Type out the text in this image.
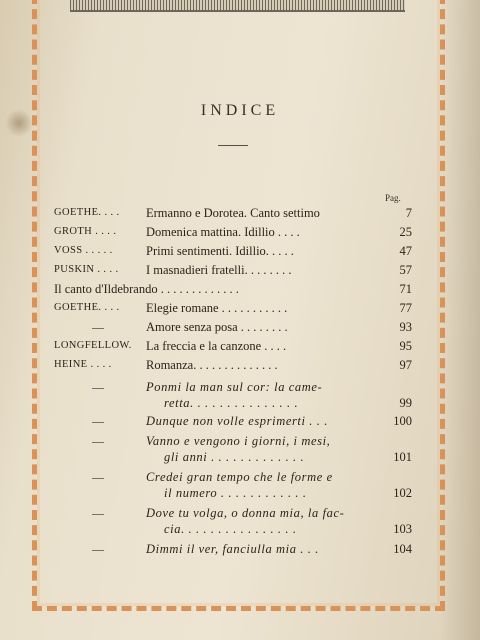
INDICE
Pag.
GOETHE. . . . Ermanno e Dorotea. Canto settimo	7
GROTH . . . . Domenica mattina. Idillio . . . .	25
VOSS . . . . .	Primi sentimenti. Idillio. . . . .	47
PUSKIN . . . . I masnadieri fratelli. . . . . . . .	57
Il canto d'Ildebrando . . . . . . . . . . . . .	71
GOETHE. . . . Elegie romane . . . . . . . . . . .	77
—	Amore senza posa . . . . . . . .	93
LONGFELLOW. La freccia e la canzone . . . .	95
HEINE . . . .	Romanza. . . . . . . . . . . . . .	97
—	Ponmi la man sul cor: la came-
retta. . . . . . . . . . . . . . .	99
—	Dunque non volle esprimerti . . .	100
—	Vanno e vengono i giorni, i mesi,
gli anni . . . . . . . . . . . . .	101
—	Credei gran tempo che le forme e
il numero . . . . . . . . . . . .	102
—	Dove tu volga, o donna mia, la fac-
cia. . . . . . . . . . . . . . . .	103
—	Dimmi il ver, fanciulla mia . . .	104
